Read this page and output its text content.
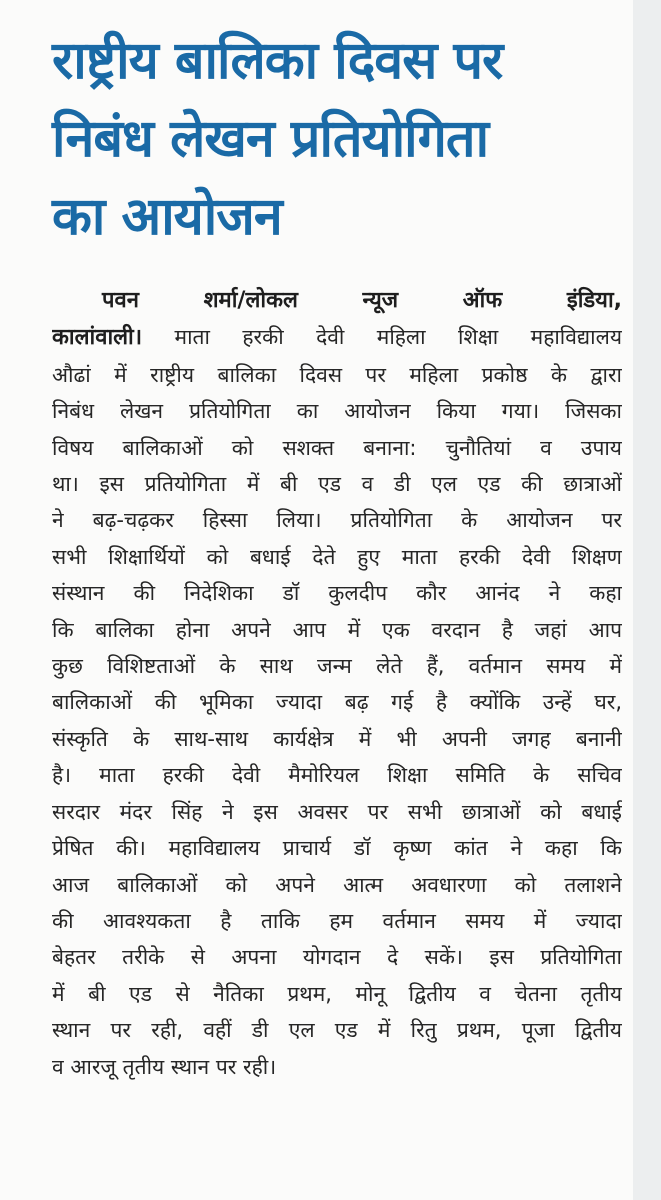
राष्ट्रीय बालिका दिवस पर
निबंध लेखन प्रतियोगिता
का आयोजन
पवन शर्मा/लोकल न्यूज ऑफ इंडिया,
कालांवाली। माता हरकी देवी महिला शिक्षा महाविद्यालय
औढां में राष्ट्रीय बालिका दिवस पर महिला प्रकोष्ठ के द्वारा
निबंध लेखन प्रतियोगिता का आयोजन किया गया। जिसका
विषय बालिकाओं को सशक्त बनाना: चुनौतियां व उपाय
था। इस प्रतियोगिता में बी एड व डी एल एड की छात्राओं
ने बढ़-चढ़कर हिस्सा लिया। प्रतियोगिता के आयोजन पर
सभी शिक्षार्थियों को बधाई देते हुए माता हरकी देवी शिक्षण
संस्थान की निदेशिका डॉ कुलदीप कौर आनंद ने कहा
कि बालिका होना अपने आप में एक वरदान है जहां आप
कुछ विशिष्टताओं के साथ जन्म लेते हैं, वर्तमान समय में
बालिकाओं की भूमिका ज्यादा बढ़ गई है क्योंकि उन्हें घर,
संस्कृति के साथ-साथ कार्यक्षेत्र में भी अपनी जगह बनानी
है। माता हरकी देवी मैमोरियल शिक्षा समिति के सचिव
सरदार मंदर सिंह ने इस अवसर पर सभी छात्राओं को बधाई
प्रेषित की। महाविद्यालय प्राचार्य डॉ कृष्ण कांत ने कहा कि
आज बालिकाओं को अपने आत्म अवधारणा को तलाशने
की आवश्यकता है ताकि हम वर्तमान समय में ज्यादा
बेहतर तरीके से अपना योगदान दे सकें। इस प्रतियोगिता
में बी एड से नैतिका प्रथम, मोनू द्वितीय व चेतना तृतीय
स्थान पर रही, वहीं डी एल एड में रितु प्रथम, पूजा द्वितीय
व आरजू तृतीय स्थान पर रही।
